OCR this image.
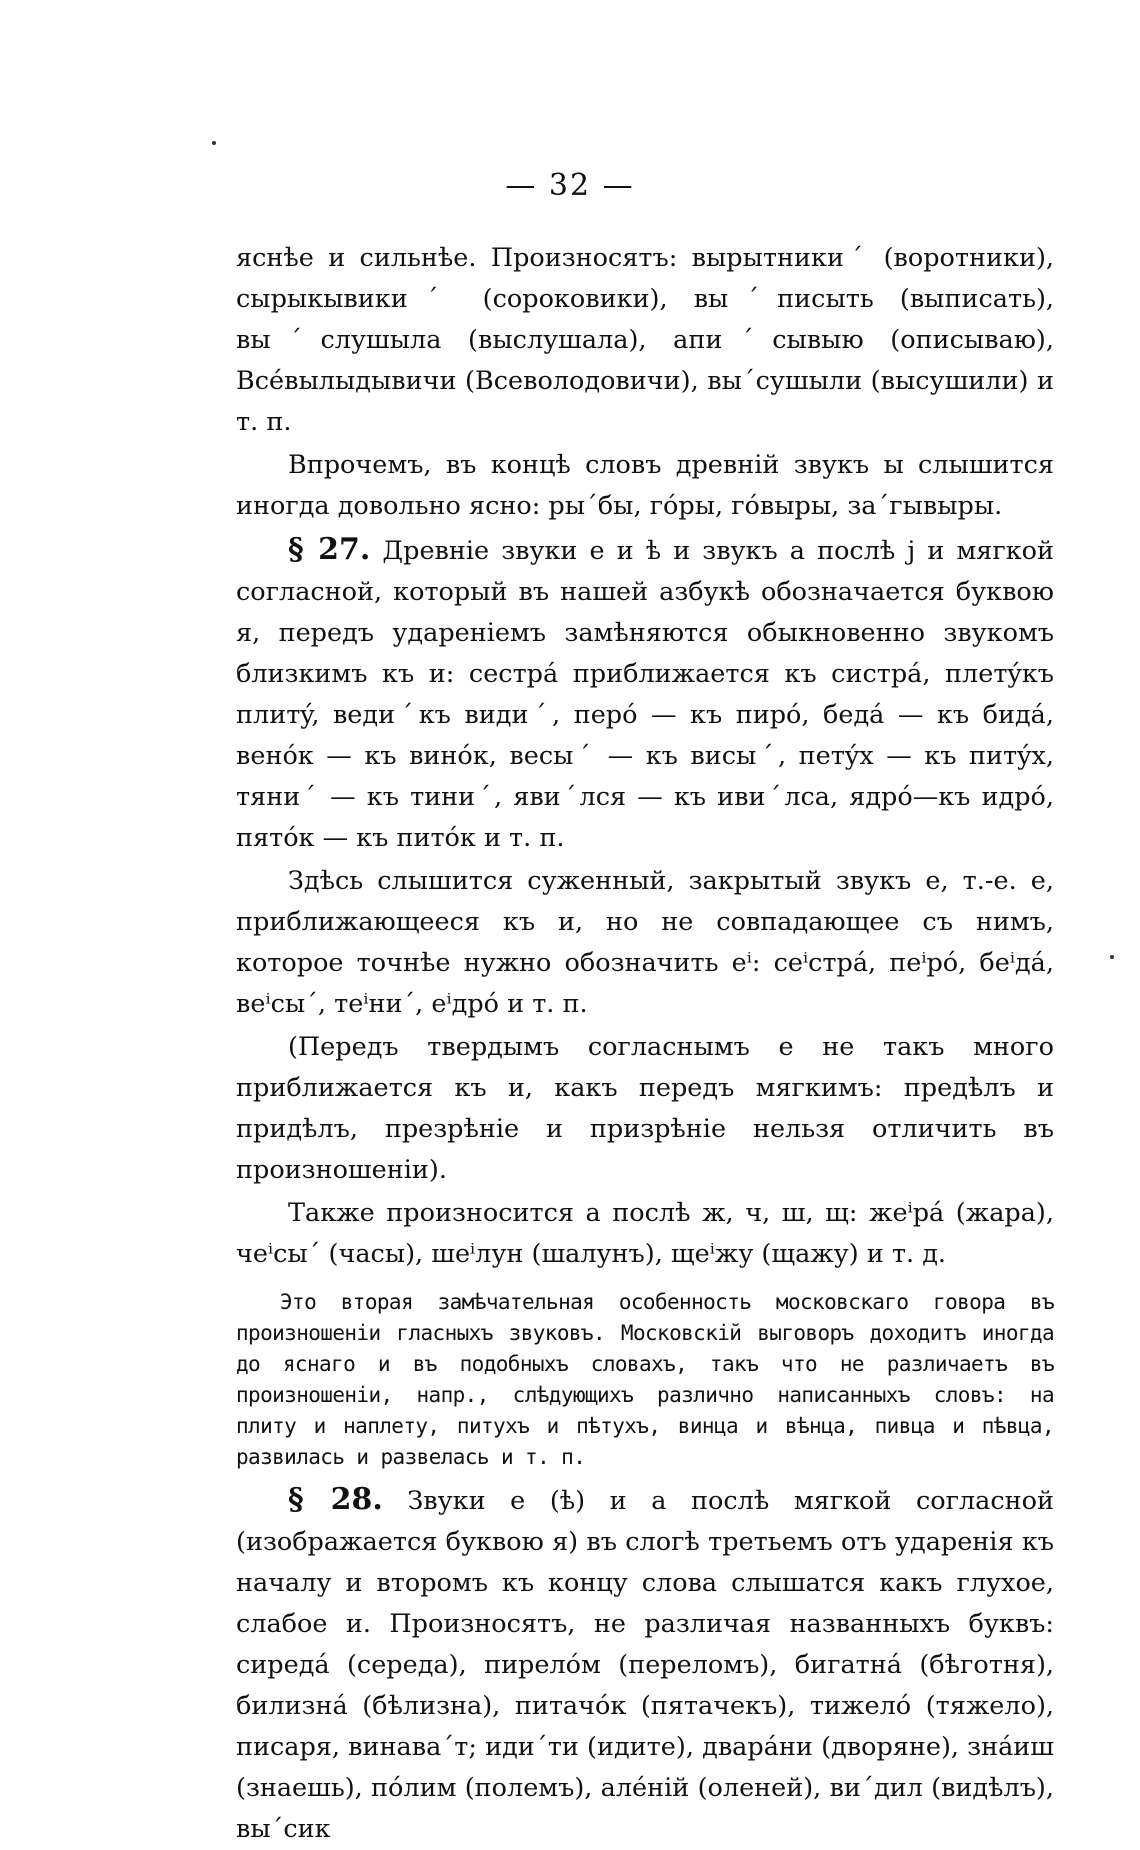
— 32 —

яснѣе и сильнѣе. Произносятъ: вырытникиˊ (воротники), сырыкывикиˊ (сороковики), выˊписыть (выписать), выˊслушыла (выслушала), апиˊсывыю (описываю), Всéвылыдывичи (Всеволодовичи), выˊсушыли (высушили) и т. п.

Впрочемъ, въ концѣ словъ древній звукъ ы слышится иногда довольно ясно: рыˊбы, гóры, гóвыры, заˊгывыры.

§ 27. Древніе звуки е и ѣ и звукъ а послѣ j и мягкой согласной, который въ нашей азбукѣ обозначается буквою я, передъ удареніемъ замѣняются обыкновенно звукомъ близкимъ къ и: сестрá приближается къ систрá, плетýкъ плитý, ведиˊкъ видиˊ, перó — къ пирó, бедá — къ бидá, венóк — къ винóк, весыˊ — къ висыˊ, петýх — къ питýх, тяниˊ — къ тиниˊ, явиˊлся — къ ивиˊлса, ядрó—къ идрó, пятóк — къ питóк и т. п.

Здѣсь слышится суженный, закрытый звукъ е, т.-е. е, приближающееся къ и, но не совпадающее съ нимъ, которое точнѣе нужно обозначить еⁱ: сеⁱстрá, пеⁱрó, беⁱдá, веⁱсыˊ, теⁱниˊ, еⁱдрó и т. п.

(Передъ твердымъ согласнымъ е не такъ много приближается къ и, какъ передъ мягкимъ: предѣлъ и придѣлъ, презрѣніе и призрѣніе нельзя отличить въ произношеніи).

Также произносится а послѣ ж, ч, ш, щ: жеⁱрá (жара), чеⁱсыˊ (часы), шеⁱлун (шалунъ), щеⁱжу (щажу) и т. д.

Это вторая замѣчательная особенность московскаго говора въ произношеніи гласныхъ звуковъ. Московскій выговоръ доходитъ иногда до яснаго и въ подобныхъ словахъ, такъ что не различаетъ въ произношеніи, напр., слѣдующихъ различно написанныхъ словъ: на плиту и наплету, питухъ и пѣтухъ, винца и вѣнца, пивца и пѣвца, развилась и развелась и т. п.

§ 28. Звуки е (ѣ) и а послѣ мягкой согласной (изображается буквою я) въ слогѣ третьемъ отъ ударенія къ началу и второмъ къ концу слова слышатся какъ глухое, слабое и. Произносятъ, не различая названныхъ буквъ: сиредá (середа), пирелóм (переломъ), бигатнá (бѣготня), билизнá (бѣлизна), питачóк (пятачекъ), тижелó (тяжело), писаря, винаваˊт; идиˊти (идите), дварáни (дворяне), знáиш (знаешь), пóлим (полемъ), алéній (оленей), виˊдил (видѣлъ), выˊсик
